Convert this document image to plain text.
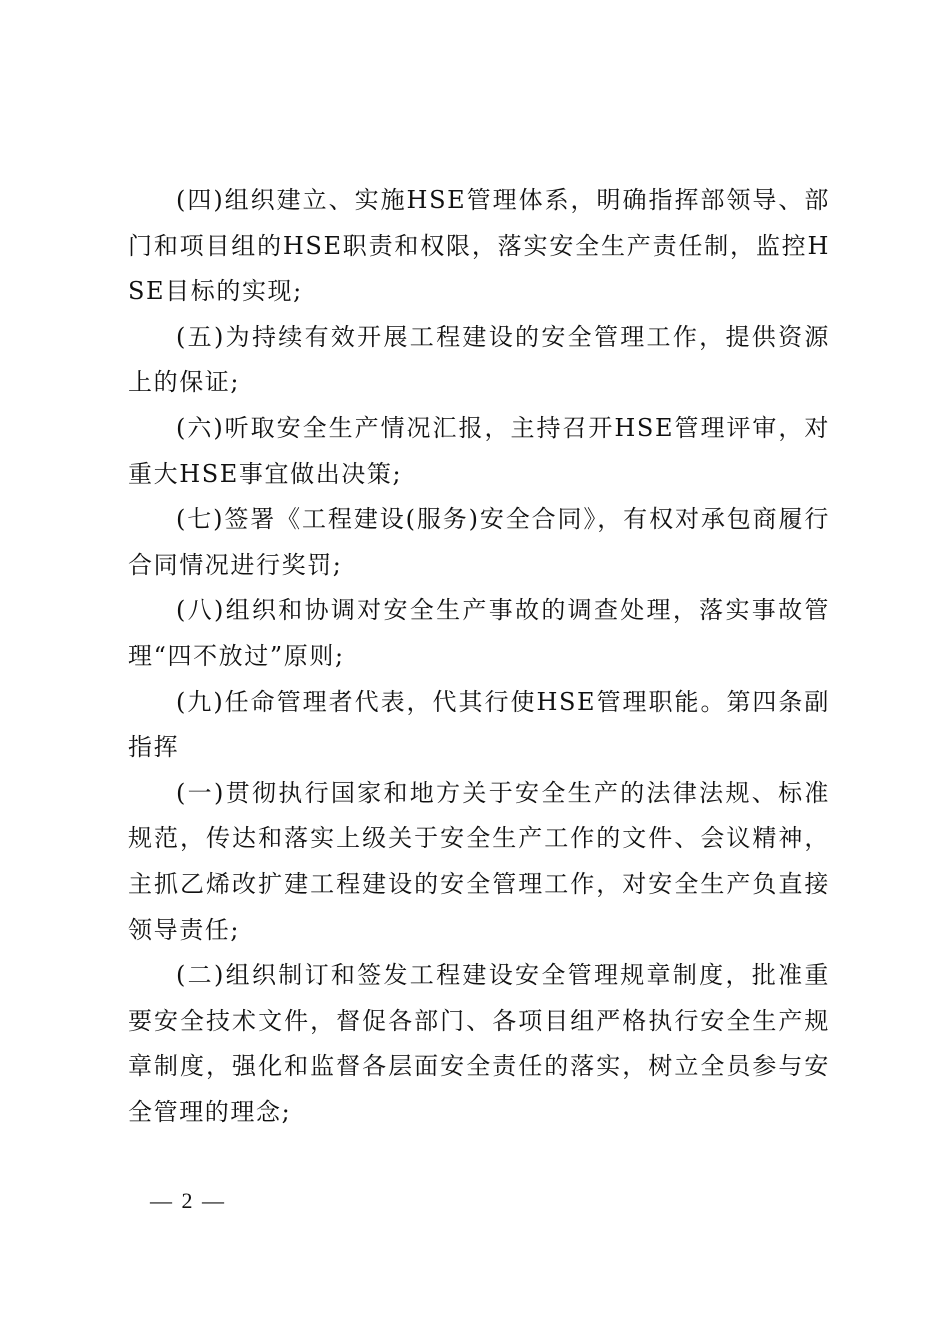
(四)组织建立、实施HSE管理体系，明确指挥部领导、部门和项目组的HSE职责和权限，落实安全生产责任制，监控HSE目标的实现;

(五)为持续有效开展工程建设的安全管理工作，提供资源上的保证;

(六)听取安全生产情况汇报，主持召开HSE管理评审，对重大HSE事宜做出决策;

(七)签署《工程建设(服务)安全合同》，有权对承包商履行合同情况进行奖罚;

(八)组织和协调对安全生产事故的调查处理，落实事故管理“四不放过”原则;

(九)任命管理者代表，代其行使HSE管理职能。第四条副指挥

(一)贯彻执行国家和地方关于安全生产的法律法规、标准规范，传达和落实上级关于安全生产工作的文件、会议精神，主抓乙烯改扩建工程建设的安全管理工作，对安全生产负直接领导责任;

(二)组织制订和签发工程建设安全管理规章制度，批准重要安全技术文件，督促各部门、各项目组严格执行安全生产规章制度，强化和监督各层面安全责任的落实，树立全员参与安全管理的理念;

— 2 —
